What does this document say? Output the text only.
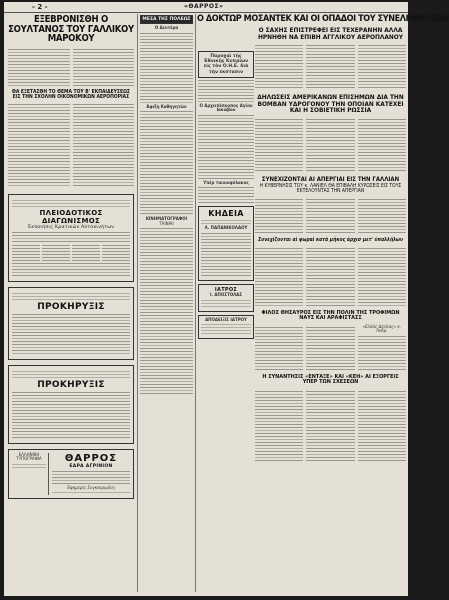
- 2 -	«ΘΑΡΡΟΣ»
ΕΞΕΒΡΟΝΙΣΘΗ Ο ΣΟΥΛΤΑΝΟΣ ΤΟΥ ΓΑΛΛΙΚΟΥ ΜΑΡΟΚΟΥ
ΘΑ ΕΞΕΤΑΣΘΗ ΤΟ ΘΕΜΑ ΤΟΥ Β' ΕΚΠΑΙΔΕΥΣΕΩΣ ΕΙΣ ΤΗΝ ΣΧΟΛΗΝ ΟΙΚΟΝΟΜΙΚΩΝ ΑΕΡΟΠΟΡΙΑΣ
ΠΛΕΙΟΔΟΤΙΚΟΣ ΔΙΑΓΩΝΙΣΜΟΣ
Ἐκποιήσις Κρατικῶν Αὐτοκινήτων
ΠΡΟΚΗΡΥΞΙΣ
ΠΡΟΚΗΡΥΞΙΣ
ΕΛΛΗΝΙΚΗ ΤΥΠΟΓΡΑΦΙΑ	ΘΑΡΡΟΣ
ΕΔΡΑ ΑΓΡΙΝΙΟΝ
Ἐφημερὶς Συγκεκριμένη
ΜΕΣΑ ΤΗΣ ΠΟΛΕΩΣ
Ο Δευτέρα
Ἀφιξη Καθηγητῶν
ΚΙΝΗΜΑΤΟΓΡΑΦΟΙ
ΤΑΙΝΙΑΙ
Παροχαὶ τῆς Ἐθνικῆς Κυπρίων εἰς τὸν Ο.Η.Ε. διὰ τὴν ἐκστασιν
Ο Αρχιεπίσκοπος Αγίου Ιακώβου
Υπέρ ταινιοφύλακος
ΚΗΔΕΙΑ
Λ. ΠΑΠΑΝΙΚΟΛΑΟΥ
ΙΑΤΡΟΣ
Ι. ΑΠΟΣΤΟΛΑΣ
ΑΠΟΔΕΙΞΙΣ ΙΑΤΡΟΥ
Ο ΔΟΚΤΩΡ ΜΟΣΑΝΤΕΚ ΚΑΙ ΟΙ ΟΠΑΔΟΙ ΤΟΥ ΣΥΝΕΛΗΦΘΗΣΑΝ
Ο ΣΑΧΗΣ ΕΠΙΣΤΡΕΦΕΙ ΕΙΣ ΤΕΧΕΡΑΝΗΝ ΑΛΛΑ ΗΡΝΗΘΗ ΝΑ ΕΠΙΒΗ ΑΓΓΛΙΚΟΥ ΑΕΡΟΠΛΑΝΟΥ
ΔΗΛΩΣΕΙΣ ΑΜΕΡΙΚΑΝΩΝ ΕΠΙΣΗΜΩΝ ΔΙΑ ΤΗΝ ΒΟΜΒΑΝ ΥΔΡΟΓΟΝΟΥ ΤΗΝ ΟΠΟΙΑΝ ΚΑΤΕΧΕΙ ΚΑΙ Η ΣΟΒΙΕΤΙΚΗ ΡΩΣΣΙΑ
ΣΥΝΕΧΙΖΟΝΤΑΙ ΑΙ ΑΠΕΡΓΙΑΙ ΕΙΣ ΤΗΝ ΓΑΛΛΙΑΝ
Η ΚΥΒΕΡΝΗΣΙΣ ΤΟΥ κ. ΛΑΝΙΕΛ ΘΑ ΕΠΙΒΑΛΗ ΚΥΡΩΣΕΙΣ ΕΙΣ ΤΟΥΣ ΕΚΤΕΛΟΥΝΤΑΣ ΤΗΝ ΑΠΕΡΓΙΑΝ
Συνεχίζονται αἱ φωραὶ κατὰ μήκος ἀρχισ μετ' ὑπαλλήλων
ΦΙΛΟΣ ΘΗΣΑΥΡΟΣ ΕΙΣ ΤΗΝ ΠΟΛΙΝ ΤΗΣ ΤΡΟΦΙΜΩΝ ΝΑΥΣ ΚΑΙ ΑΡΑΦΙΣΤΑΣΣ
«Ελλάς Δειλίας» κ. Ανδρ.
Η ΣΥΝΑΝΤΗΣΙΣ «ΕΝΤΑΞΕ» ΚΑΙ «ΚΕΗ» ΑΙ ΕΞΟΡΓΕΙΣ ΥΠΕΡ ΤΩΝ ΣΧΕΣΕΩΝ
